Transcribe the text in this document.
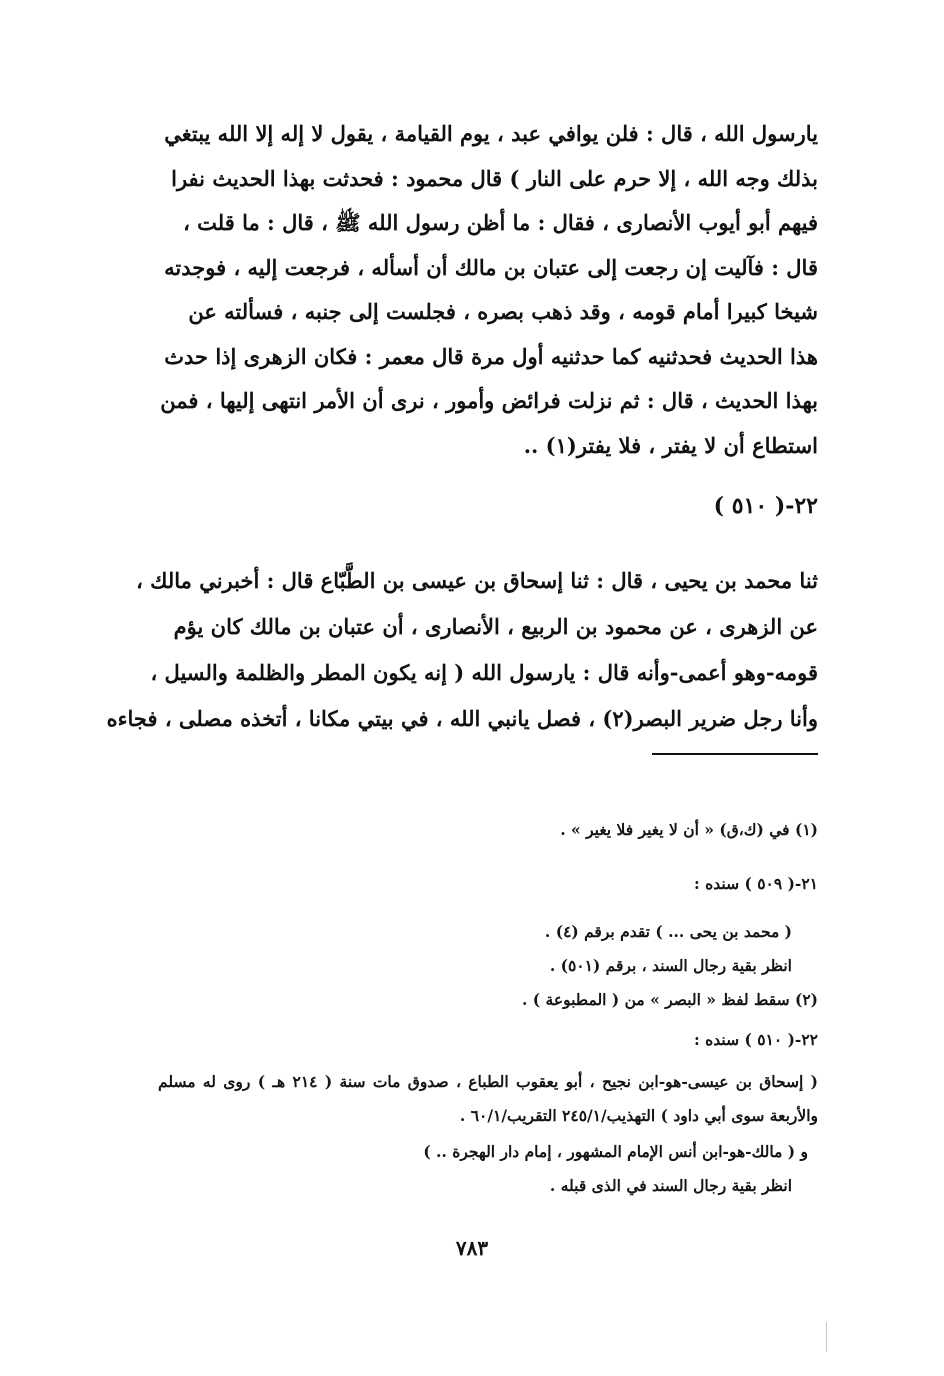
يارسول الله ، قال : فلن يوافي عبد ، يوم القيامة ، يقول لا إله إلا الله يبتغي
بذلك وجه الله ، إلا حرم على النار ) قال محمود : فحدثت بهذا الحديث نفرا
فيهم أبو أيوب الأنصارى ، فقال : ما أظن رسول الله ﷺ ، قال : ما قلت ،
قال : فآليت إن رجعت إلى عتبان بن مالك أن أسأله ، فرجعت إليه ، فوجدته
شيخا كبيرا أمام قومه ، وقد ذهب بصره ، فجلست إلى جنبه ، فسألته عن
هذا الحديث فحدثنيه كما حدثنيه أول مرة قال معمر : فكان الزهرى إذا حدث
بهذا الحديث ، قال : ثم نزلت فرائض وأمور ، نرى أن الأمر انتهى إليها ، فمن
استطاع أن لا يفتر ، فلا يفتر(١) ..
٢٢-( ٥١٠ )
ثنا محمد بن يحيى ، قال : ثنا إسحاق بن عيسى بن الطَّبّاع قال : أخبرني مالك ،
عن الزهرى ، عن محمود بن الربيع ، الأنصارى ، أن عتبان بن مالك كان يؤم
قومه-وهو أعمى-وأنه قال : يارسول الله ( إنه يكون المطر والظلمة والسيل ،
وأنا رجل ضرير البصر(٢) ، فصل يانبي الله ، في بيتي مكانا ، أتخذه مصلى ، فجاءه
(١) في (ك،ق) « أن لا يغير فلا يغير » .
٢١-( ٥٠٩ ) سنده :
( محمد بن يحى ... ) تقدم برقم (٤) .
انظر بقية رجال السند ، برقم (٥٠١) .
(٢) سقط لفظ « البصر » من ( المطبوعة ) .
٢٢-( ٥١٠ ) سنده :
( إسحاق بن عيسى-هو-ابن نجيح ، أبو يعقوب الطباع ، صدوق مات سنة ( ٢١٤ هـ ) روى له مسلم
والأربعة سوى أبي داود ) التهذيب/٢٤٥/١ التقريب/٦٠/١ .
و ( مالك-هو-ابن أنس الإمام المشهور ، إمام دار الهجرة .. )
انظر بقية رجال السند في الذى قبله .
٧٨٣
